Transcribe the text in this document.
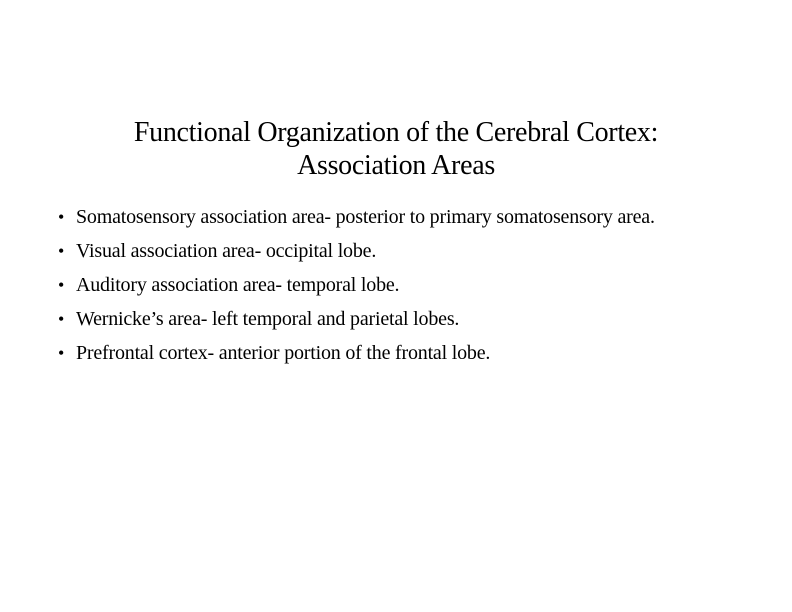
Functional Organization of the Cerebral Cortex:
Association Areas
• Somatosensory association area- posterior to primary somatosensory area.
• Visual association area- occipital lobe.
• Auditory association area- temporal lobe.
• Wernicke’s area- left temporal and parietal lobes.
• Prefrontal cortex- anterior portion of the frontal lobe.
